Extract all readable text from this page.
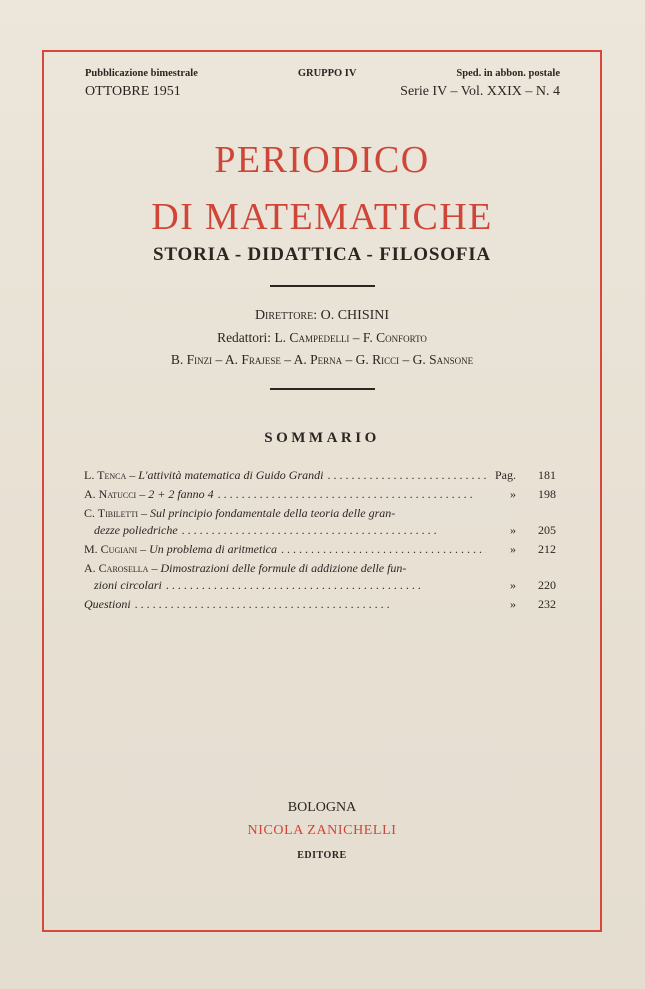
Pubblicazione bimestrale	GRUPPO IV	Sped. in abbon. postale
OTTOBRE 1951	Serie IV – Vol. XXIX – N. 4
PERIODICO
DI MATEMATICHE
STORIA - DIDATTICA - FILOSOFIA
Direttore: O. CHISINI
Redattori: L. Campedelli – F. Conforto
B. Finzi – A. Frajese – A. Perna – G. Ricci – G. Sansone
SOMMARIO
L. Tenca – L'attività matematica di Guido Grandi . . .	Pag.	181
A. Natucci – 2 + 2 fanno 4 . . .	»	198
C. Tibiletti – Sul principio fondamentale della teoria delle gran-
dezze poliedriche . . .	»	205
M. Cugiani – Un problema di aritmetica . . .	»	212
A. Carosella – Dimostrazioni delle formule di addizione delle fun-
zioni circolari . . .	»	220
Questioni . . .	»	232
BOLOGNA
NICOLA ZANICHELLI
EDITORE
